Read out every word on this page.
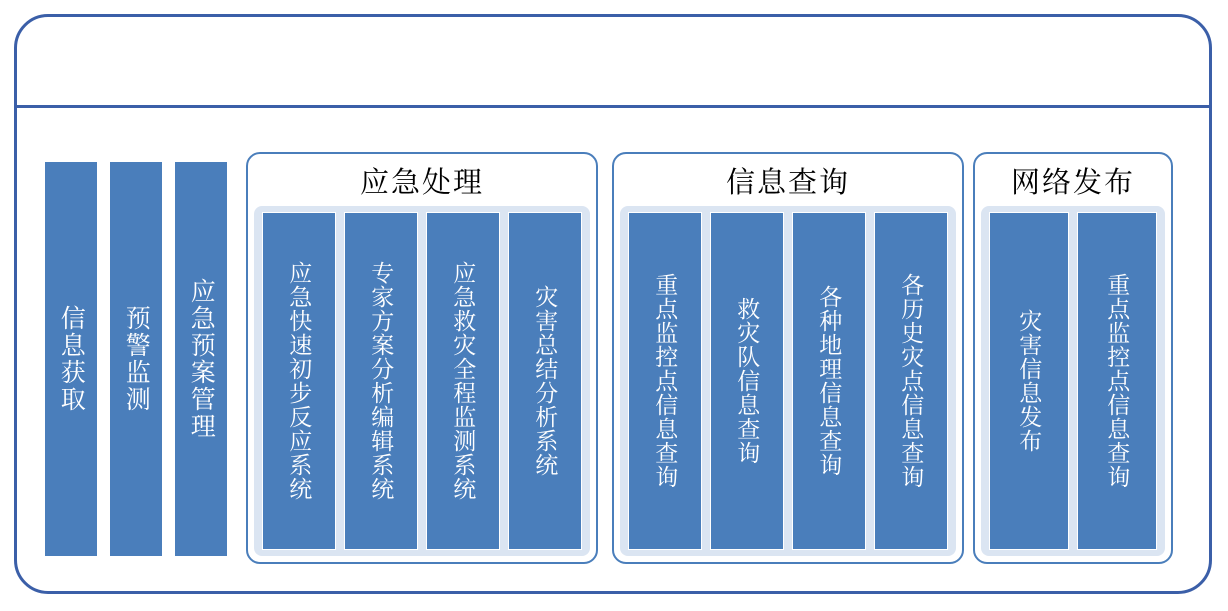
信息获取 预警监测 应急预案管理
应急处理
应急快速初步反应系统 专家方案分析编辑系统 应急救灾全程监测系统 灾害总结分析系统
信息查询
重点监控点信息查询 救灾队信息查询 各种地理信息查询 各历史灾点信息查询
网络发布
灾害信息发布	重点监控点信息查询
